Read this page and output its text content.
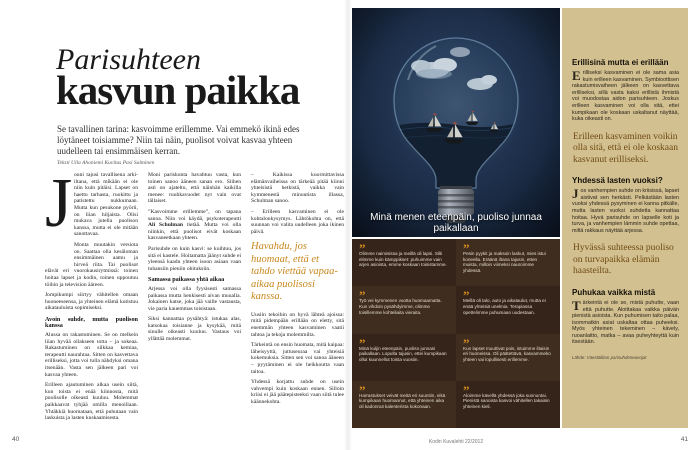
Parisuhteen
kasvun paikka

Se tavallinen tarina: kasvoimme erillemme. Vai emmekö ikinä edes löytäneet toisiamme? Niin tai näin, puolisot voivat kasvaa yhteen uudelleen tai ensimmäisen kerran.

Teksti Ulla Ahoniemi Kuvitus Pasi Salminen

Jouni tajusi tavallisena arki-iltana, että mikään ei ole niin kuin pitäisi. Lapset on haettu tarhasta, ruokittu ja patistettu nukkumaan. Mutta kun pesukone pyörii, on liian hiljaista. Olisi mukava jutella puolison kanssa, mutta ei ole mitään sanottavaa.

Monta muutakin versiota on. Saattaa olla kesäloman ensimmäinen aamu ja hirveä riita. Tai puolisot elävät eri vuorokausirytmissä: toinen hoitaa lapset ja kodin, toinen uppoutuu töihin ja television ääreen.

Jompikumpi siirtyy vähitellen omaan huoneeseensa, ja yhteinen elämä kutistuu aikatauluista sopimiseksi.

Avoin suhde, mutta puolison kanssa

Alussa on rakastuminen. Se on melkein liian hyvää ollakseen totta – ja sokeaa. Rakastuminen on silkkaa kemiaa, terapeutti naurahtaa. Sitten on kasvettava erilliseksi, jotta voi tulla nähdyksi omana itsenään. Vasta sen jälkeen pari voi kasvaa yhteen.

Erilleen ajautuminen alkaa usein siitä, kun toista ei enää kiinnosta, mitä puolisolle oikeasti kuuluu. Molemmat paikkaavat tyhjää omilla menoillaan. Yhtäkkiä huomataan, että puhutaan vain laskuista ja lasten kuskaamisesta.

Moni pariskunta havahtuu vasta, kun toinen sanoo ääneen sanan ero. Siihen asti on ajateltu, että näinhän kaikilla menee: ruuhkavuodet nyt vain ovat tällaiset.

”Kasvoimme erillemme”, on tapana sanoa. Niin voi käydä, psykoterapeutti Ali Schulman tietää. Mutta voi olla niinkin, että puolisot eivät koskaan kasvaneetkaan yhteen.

Parisuhde on kuin kasvi: se kuihtuu, jos sitä ei kastele. Hoitamatta jäänyt suhde ei yleensä kaadu yhteen isoon asiaan vaan tuhansiin pieniin ohituksiin.

Samassa paikassa yhtä aikaa

Arjessa voi olla fyysisesti samassa paikassa mutta henkisesti aivan muualla. Jokainen katse, joka jää vaille vastausta, vie paria kauemmas toisistaan.

Siksi kannattaa pysähtyä: istukaa alas, katsokaa toisianne ja kysykää, mitä sinulle oikeasti kuuluu. Vastaus voi yllättää molemmat.

– Kaikissa kuormittavissa elämänvaiheissa on tärkeää pitää kiinni yhteisistä hetkistä, vaikka vain kymmenestä minuutista illassa, Schulman sanoo.

– Erilleen kasvaminen ei ole kohtalonkysymys. Lähtökohta on, että suunnan voi valita uudelleen joka ikinen päivä.

Havahdu, jos huomaat, että et tahdo viettää vapaa-aikaa puolisosi kanssa.

Uusiin tekoihin on hyvä lähteä ajoissa: mitä pidempään erillään on eletty, sitä enemmän yhteen kasvaminen vaatii tahtoa ja tekoja molemmilta.

Tärkeintä on ensin huomata, mitä kaipaa: läheisyyttä, juttuseuraa vai yhteisiä kokemuksia. Sitten sen voi sanoa ääneen – pyytäminen ei ole heikkoutta vaan taitoa.

Yhdessä korjattu suhde on usein vahvempi kuin koskaan ennen. Silloin kriisi ei jää päätepisteeksi vaan siitä tulee käännekohta.

40
Minä menen eteenpäin, puoliso junnaa paikallaan
”
Olimme naimisissa ja meillä oli lapsi. Silti elimme kuin kämppikset: puhuimme vain arjen asioista, emme koskaan toisistamme.
”
Pesin pyykit ja maksoin laskut, mies istui koneella. Eräänä iltana tajusin, etten muista, milloin viimeksi nauroimme yhdessä.
”
Työ vei kymmenen vuotta huomaamatta. Kun vihdoin pysähdyimme, olimme toisillemme kohteliaita vieraita.
”
Meillä oli talo, auto ja aikataulut, mutta ei enää yhteisiä unelmia. Terapiassa opettelimme puhumaan uudestaan.
”
Minä kuljin eteenpäin, puoliso junnasi paikallaan. Lopulta tajusin, ettei kumpikaan ollut kuunnellut toista vuosiin.
”
Kun lapset muuttivat pois, istuimme iltaisin eri huoneissa. Oli päätettävä, kasvammeko yhteen vai lopullisesti erillemme.
”
Harrastukset veivät meitä eri suuntiin, eikä kumpikaan huomannut, että yhteinen aika oli kadonnut kalenterista kokonaan.
”
Aloimme kävellä yhdessä joka sunnuntai. Pienistä sanoista kasvoi vähitellen takaisin yhteinen kieli.
Erillisinä mutta ei erillään

Erilliseksi kasvaminen ei ole sama asia kuin erilleen kasvaminen. Symbioottisen rakastumisvaiheen jälkeen on kasvettava erilliseksi, sillä vasta kaksi erillistä ihmistä voi muodostaa aidon parisuhteen. Joskus erilleen kasvaminen voi olla sitä, ettei kumpikaan ole koskaan uskaltanut näyttää, kuka oikeasti on.

Erilleen kasvaminen voikin olla sitä, että ei ole koskaan kasvanut erilliseksi.
Yhdessä lasten vuoksi?

Jos vanhempien suhde on kriisissä, lapset aistivat sen herkästi. Pelkästään lasten vuoksi yhdessä pysyminen ei kanna pitkälle, mutta lasten vuoksi suhdetta kannattaa hoitaa. Hyvä parisuhde on lapselle koti ja turva, ja vanhempien lämmin suhde opettaa, miltä rakkaus näyttää arjessa.

Hyvässä suhteessa puoliso on turvapaikka elämän haasteilta.
Puhukaa vaikka mistä

Tärkeintä ei ole se, mistä puhutte, vaan että puhutte. Aloittakaa vaikka päivän pienistä asioista. Kun puhumisen taito palaa, isommatkin asiat uskaltaa ottaa puheeksi. Myös yhteinen tekeminen – kävely, ruoanlaitto, matka – avaa puheyhteyttä kuin itsestään.

Lähde: Väestöliiton parisuhdeneuvojat
Kodin Kuvalehti 22/2012	41
